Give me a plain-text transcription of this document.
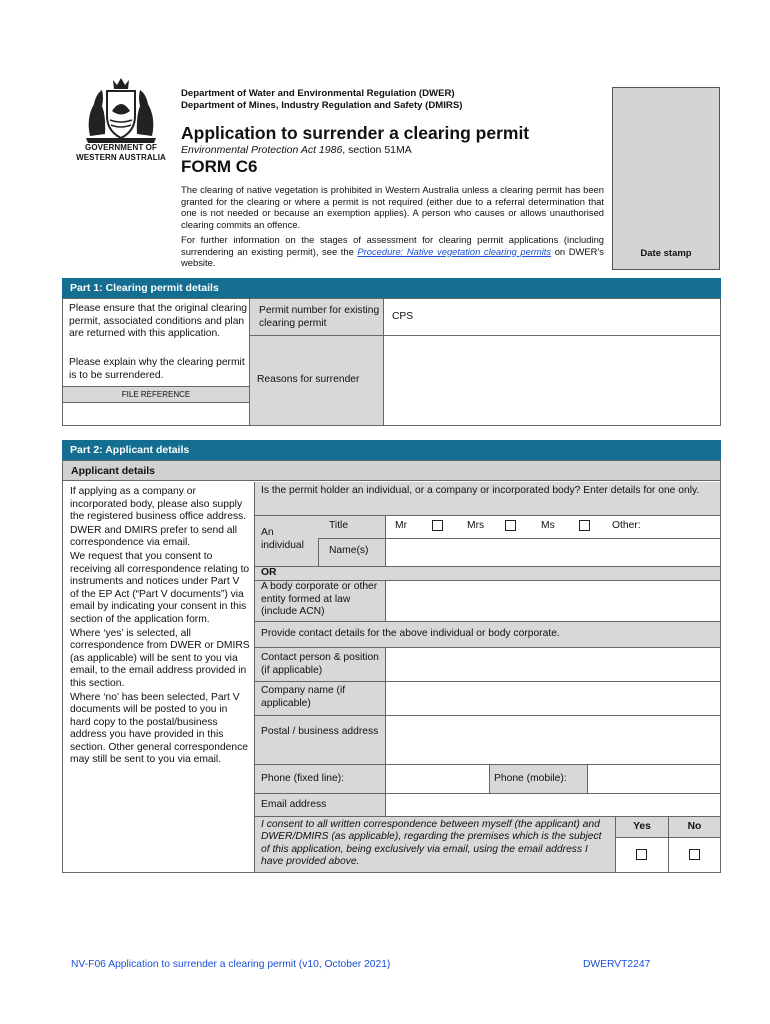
GOVERNMENT OF
WESTERN AUSTRALIA
Department of Water and Environmental Regulation (DWER)
Department of Mines, Industry Regulation and Safety (DMIRS)
Application to surrender a clearing permit
Environmental Protection Act 1986, section 51MA
FORM C6
The clearing of native vegetation is prohibited in Western Australia unless a clearing permit has been granted for the clearing or where a permit is not required (either due to a referral determination that one is not needed or because an exemption applies). A person who causes or allows unauthorised clearing commits an offence.
For further information on the stages of assessment for clearing permit applications (including surrendering an existing permit), see the Procedure: Native vegetation clearing permits on DWER’s website.
Date stamp
Part 1: Clearing permit details
Please ensure that the original clearing permit, associated conditions and plan are returned with this application.
Please explain why the clearing permit is to be surrendered.
FILE REFERENCE
Permit number for existing clearing permit
CPS
Reasons for surrender
Part 2: Applicant details
Applicant details

If applying as a company or incorporated body, please also supply the registered business office address.

DWER and DMIRS prefer to send all correspondence via email.

We request that you consent to receiving all correspondence relating to instruments and notices under Part V of the EP Act (“Part V documents”) via email by indicating your consent in this section of the application form.

Where ‘yes’ is selected, all correspondence from DWER or DMIRS (as applicable) will be sent to you via email, to the email address provided in this section.

Where ‘no’ has been selected, Part V documents will be posted to you in hard copy to the postal/business address you have provided in this section. Other general correspondence may still be sent to you via email.

Is the permit holder an individual, or a company or incorporated body? Enter details for one only.
An individual
Title	Mr	Mrs	Ms	Other:
Name(s)
OR
A body corporate or other entity formed at law (include ACN)
Provide contact details for the above individual or body corporate.
Contact person & position (if applicable)
Company name (if applicable)
Postal / business address
Phone (fixed line):	Phone (mobile):
Email address
I consent to all written correspondence between myself (the applicant) and DWER/DMIRS (as applicable), regarding the premises which is the subject of this application, being exclusively via email, using the email address I have provided above.
Yes	No
NV-F06 Application to surrender a clearing permit (v10, October 2021)	DWERVT2247
